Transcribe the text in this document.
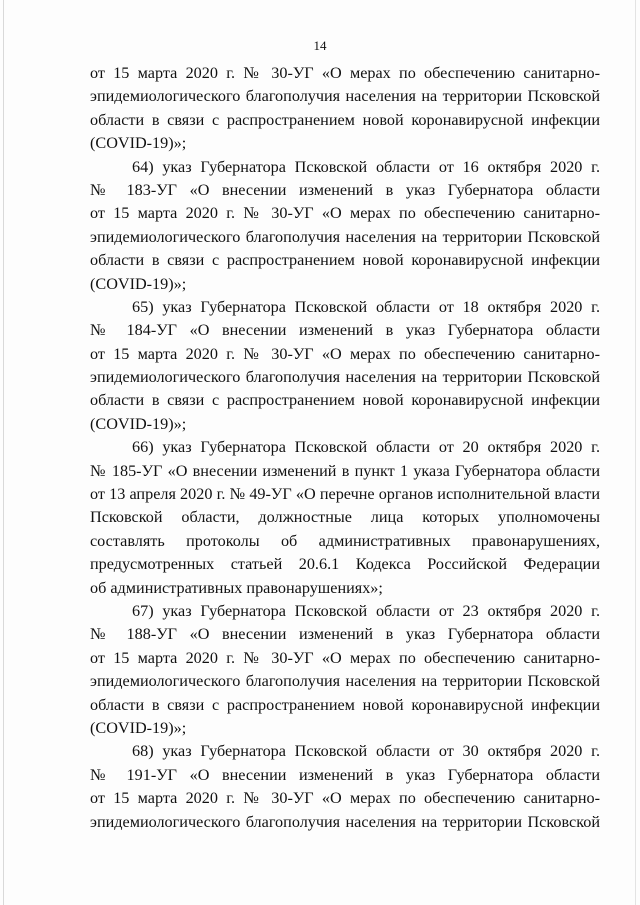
14
от 15 марта 2020 г. № 30-УГ «О мерах по обеспечению санитарно-
эпидемиологического благополучия населения на территории Псковской
области в связи с распространением новой коронавирусной инфекции
(COVID-19)»;
64) указ Губернатора Псковской области от 16 октября 2020 г.
№ 183-УГ «О внесении изменений в указ Губернатора области
от 15 марта 2020 г. № 30-УГ «О мерах по обеспечению санитарно-
эпидемиологического благополучия населения на территории Псковской
области в связи с распространением новой коронавирусной инфекции
(COVID-19)»;
65) указ Губернатора Псковской области от 18 октября 2020 г.
№ 184-УГ «О внесении изменений в указ Губернатора области
от 15 марта 2020 г. № 30-УГ «О мерах по обеспечению санитарно-
эпидемиологического благополучия населения на территории Псковской
области в связи с распространением новой коронавирусной инфекции
(COVID-19)»;
66) указ Губернатора Псковской области от 20 октября 2020 г.
№ 185-УГ «О внесении изменений в пункт 1 указа Губернатора области
от 13 апреля 2020 г. № 49-УГ «О перечне органов исполнительной власти
Псковской области, должностные лица которых уполномочены
составлять протоколы об административных правонарушениях,
предусмотренных статьей 20.6.1 Кодекса Российской Федерации
об административных правонарушениях»;
67) указ Губернатора Псковской области от 23 октября 2020 г.
№ 188-УГ «О внесении изменений в указ Губернатора области
от 15 марта 2020 г. № 30-УГ «О мерах по обеспечению санитарно-
эпидемиологического благополучия населения на территории Псковской
области в связи с распространением новой коронавирусной инфекции
(COVID-19)»;
68) указ Губернатора Псковской области от 30 октября 2020 г.
№ 191-УГ «О внесении изменений в указ Губернатора области
от 15 марта 2020 г. № 30-УГ «О мерах по обеспечению санитарно-
эпидемиологического благополучия населения на территории Псковской
